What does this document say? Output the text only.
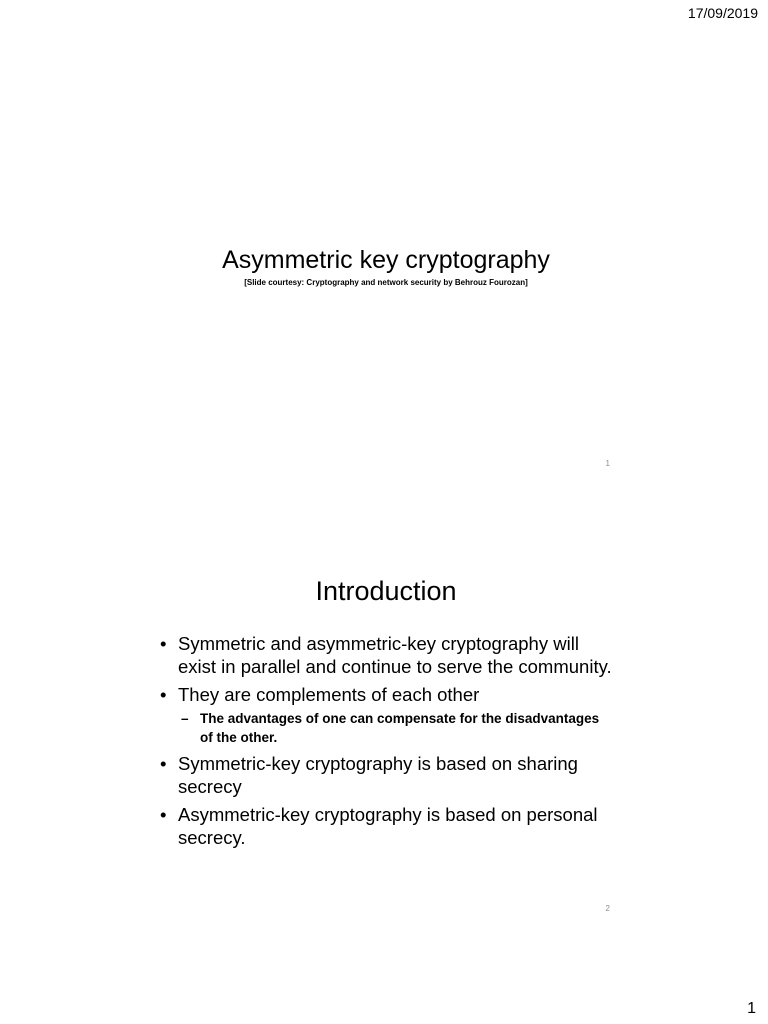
17/09/2019
Asymmetric key cryptography
[Slide courtesy: Cryptography and network security by Behrouz Fourozan]
1
Introduction
• Symmetric and asymmetric-key cryptography will exist in parallel and continue to serve the community.
• They are complements of each other
– The advantages of one can compensate for the disadvantages of the other.
• Symmetric-key cryptography is based on sharing secrecy
• Asymmetric-key cryptography is based on personal secrecy.
2
1
